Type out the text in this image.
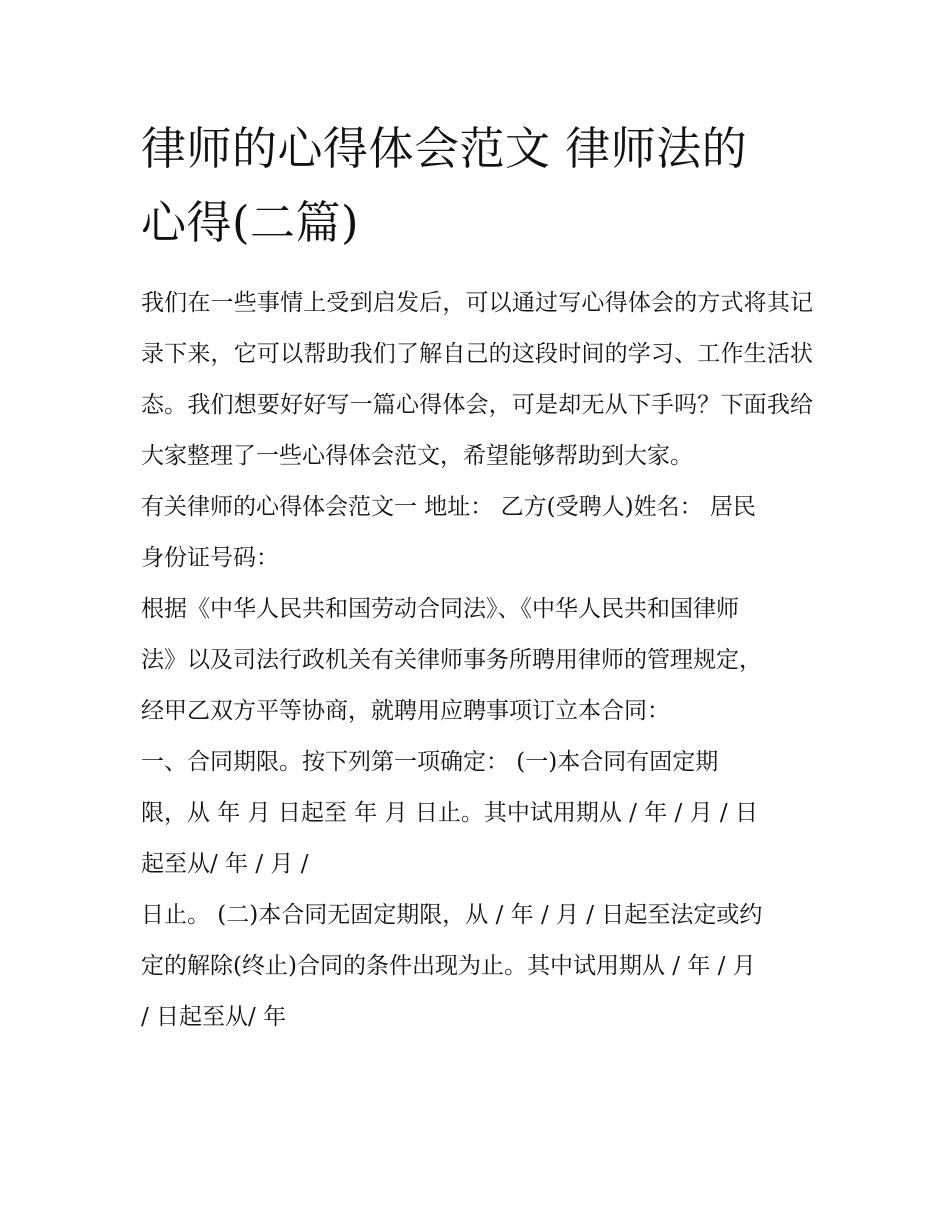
律师的心得体会范文 律师法的
心得(二篇)

我们在一些事情上受到启发后，可以通过写心得体会的方式将其记录下来，它可以帮助我们了解自己的这段时间的学习、工作生活状态。我们想要好好写一篇心得体会，可是却无从下手吗？下面我给大家整理了一些心得体会范文，希望能够帮助到大家。

有关律师的心得体会范文一 地址： 乙方(受聘人)姓名： 居民

身份证号码：

根据《中华人民共和国劳动合同法》、《中华人民共和国律师

法》以及司法行政机关有关律师事务所聘用律师的管理规定，

经甲乙双方平等协商，就聘用应聘事项订立本合同：

一、合同期限。按下列第一项确定： (一)本合同有固定期

限，从 年 月 日起至 年 月 日止。其中试用期从 / 年 / 月 / 日

起至从/ 年 / 月 /

日止。 (二)本合同无固定期限，从 / 年 / 月 / 日起至法定或约

定的解除(终止)合同的条件出现为止。其中试用期从 / 年 / 月

/ 日起至从/ 年
